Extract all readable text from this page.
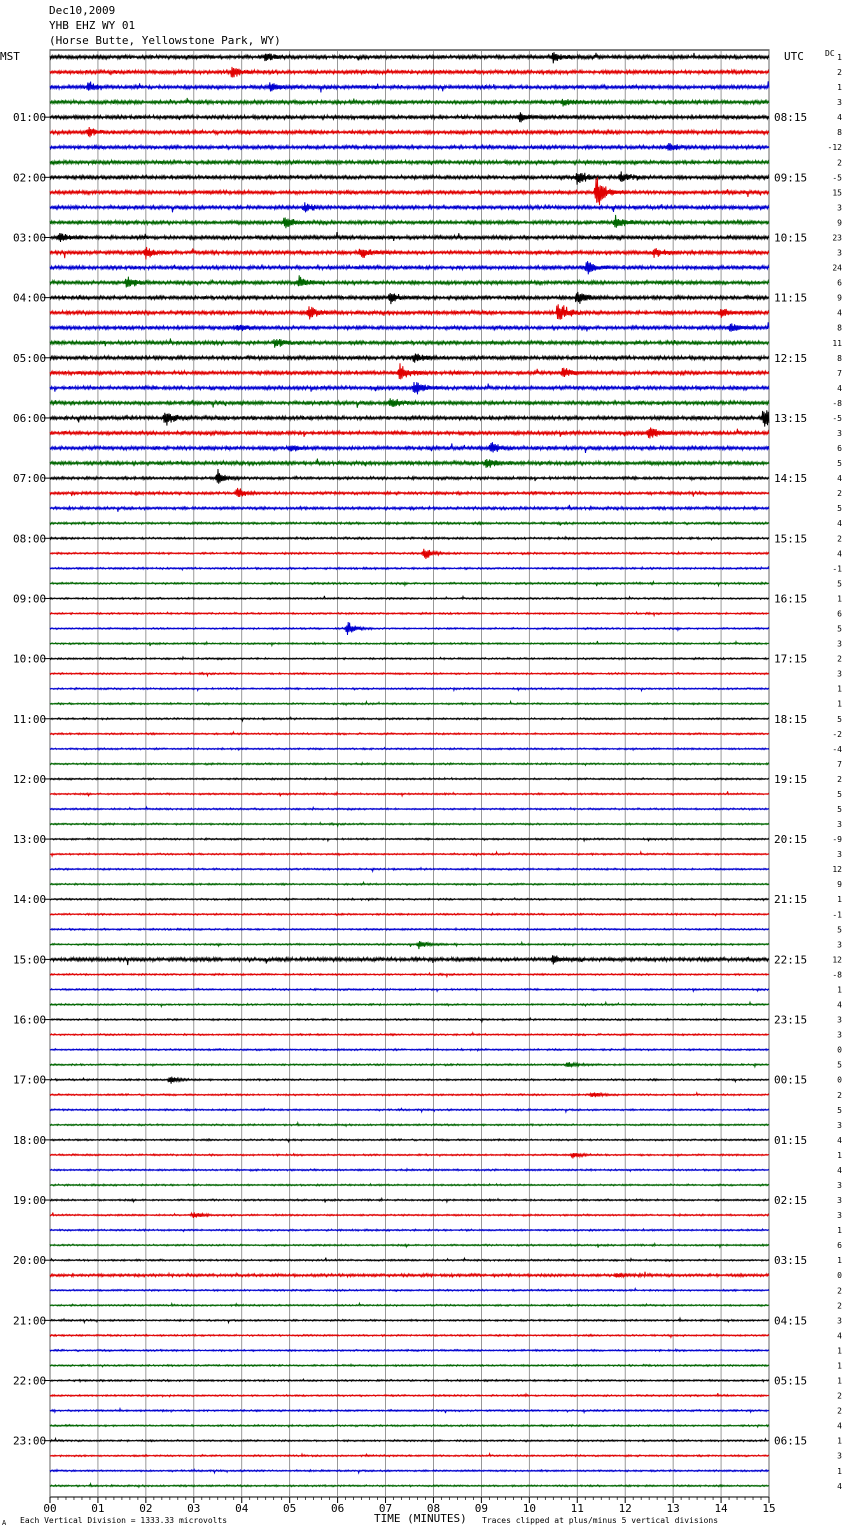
Dec10,2009
YHB EHZ WY 01
(Horse Butte, Yellowstone Park, WY)
MST	UTC	DC
00	01	02	03	04	05	06	07	08	09	10	11	12	13	14	15
1
2
1
3
4
8
-12
2
-5
15
3
9
23
3
24
6
9
4
8
11
8
7
4
-8
-5
3
6
5
4
2
5
4
2
4
-1
5
1
6
5
3
2
3
1
1
5
-2
-4
7
2
5
5
3
-9
3
12
9
1
-1
5
3
12
-8
1
4
3
3
0
5
0
2
5
3
4
1
4
3
3
3
1
6
1
0
2
2
3
4
1
1
1
2
2
4
1
3
1
4
01:00
02:00
03:00
04:00
05:00
06:00
07:00
08:00
09:00
10:00
11:00
12:00
13:00
14:00
15:00
16:00
17:00
18:00
19:00
20:00
21:00
22:00
23:00
08:15
09:15
10:15
11:15
12:15
13:15
14:15
15:15
16:15
17:15
18:15
19:15
20:15
21:15
22:15
23:15
00:15
01:15
02:15
03:15
04:15
05:15
06:15
A Each Vertical Division = 1333.33 microvolts	TIME (MINUTES) Traces clipped at plus/minus 5 vertical divisions
